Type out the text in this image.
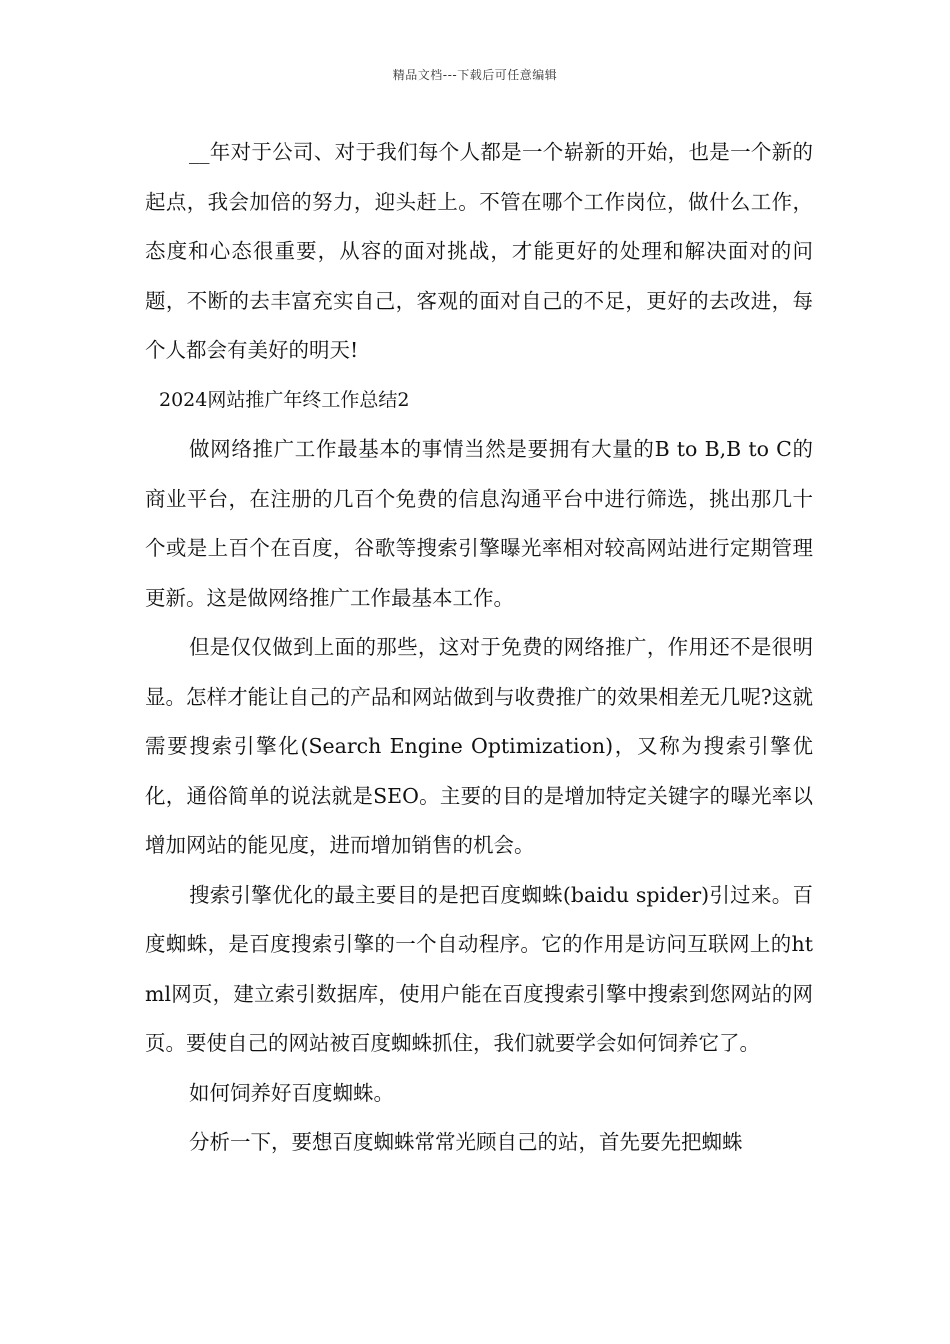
精品文档---下载后可任意编辑

__年对于公司、对于我们每个人都是一个崭新的开始，也是一个新的起点，我会加倍的努力，迎头赶上。不管在哪个工作岗位，做什么工作，态度和心态很重要，从容的面对挑战，才能更好的处理和解决面对的问题，不断的去丰富充实自己，客观的面对自己的不足，更好的去改进，每个人都会有美好的明天!

2024网站推广年终工作总结2

做网络推广工作最基本的事情当然是要拥有大量的B to B,B to C的商业平台，在注册的几百个免费的信息沟通平台中进行筛选，挑出那几十个或是上百个在百度，谷歌等搜索引擎曝光率相对较高网站进行定期管理更新。这是做网络推广工作最基本工作。

但是仅仅做到上面的那些，这对于免费的网络推广，作用还不是很明显。怎样才能让自己的产品和网站做到与收费推广的效果相差无几呢?这就需要搜索引擎化(Search Engine Optimization)，又称为搜索引擎优化，通俗简单的说法就是SEO。主要的目的是增加特定关键字的曝光率以增加网站的能见度，进而增加销售的机会。

搜索引擎优化的最主要目的是把百度蜘蛛(baidu spider)引过来。百度蜘蛛，是百度搜索引擎的一个自动程序。它的作用是访问互联网上的html网页，建立索引数据库，使用户能在百度搜索引擎中搜索到您网站的网页。要使自己的网站被百度蜘蛛抓住，我们就要学会如何饲养它了。

如何饲养好百度蜘蛛。

分析一下，要想百度蜘蛛常常光顾自己的站，首先要先把蜘蛛
